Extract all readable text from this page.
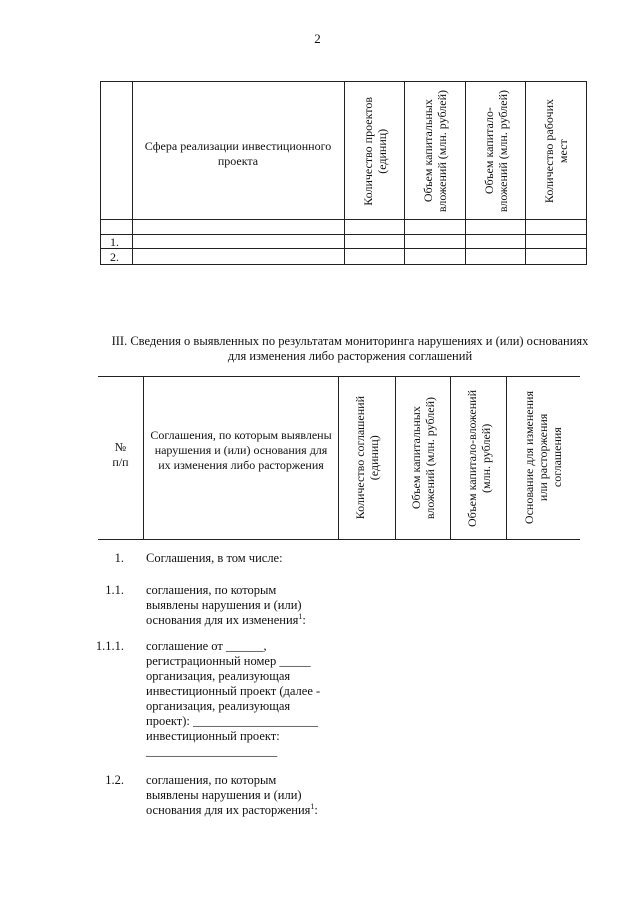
2
Сфера реализации инвестиционного проекта	Количество проектов
(единиц)
Объем капитальных
вложений (млн. рублей)
Объем капитало-
вложений (млн. рублей)
Количество рабочих
мест
1.
2.
III. Сведения о выявленных по результатам мониторинга нарушениях и (или) основаниях
для изменения либо расторжения соглашений
№
п/п
Соглашения, по которым выявлены нарушения и (или) основания для их изменения либо расторжения	Количество соглашений
(единиц)
Объем капитальных
вложений (млн. рублей)
Объем капитало-вложений
(млн. рублей)
Основание для изменения
или расторжения
соглашения
1. Соглашения, в том числе:
1.1. соглашения, по которым
выявлены нарушения и (или)
основания для их изменения$^1$:
1.1.1. соглашение от ______,
регистрационный номер _____
организация, реализующая
инвестиционный проект (далее -
организация, реализующая
проект): ____________________
инвестиционный проект:
_____________________
1.2. соглашения, по которым
выявлены нарушения и (или)
основания для их расторжения$^1$:
